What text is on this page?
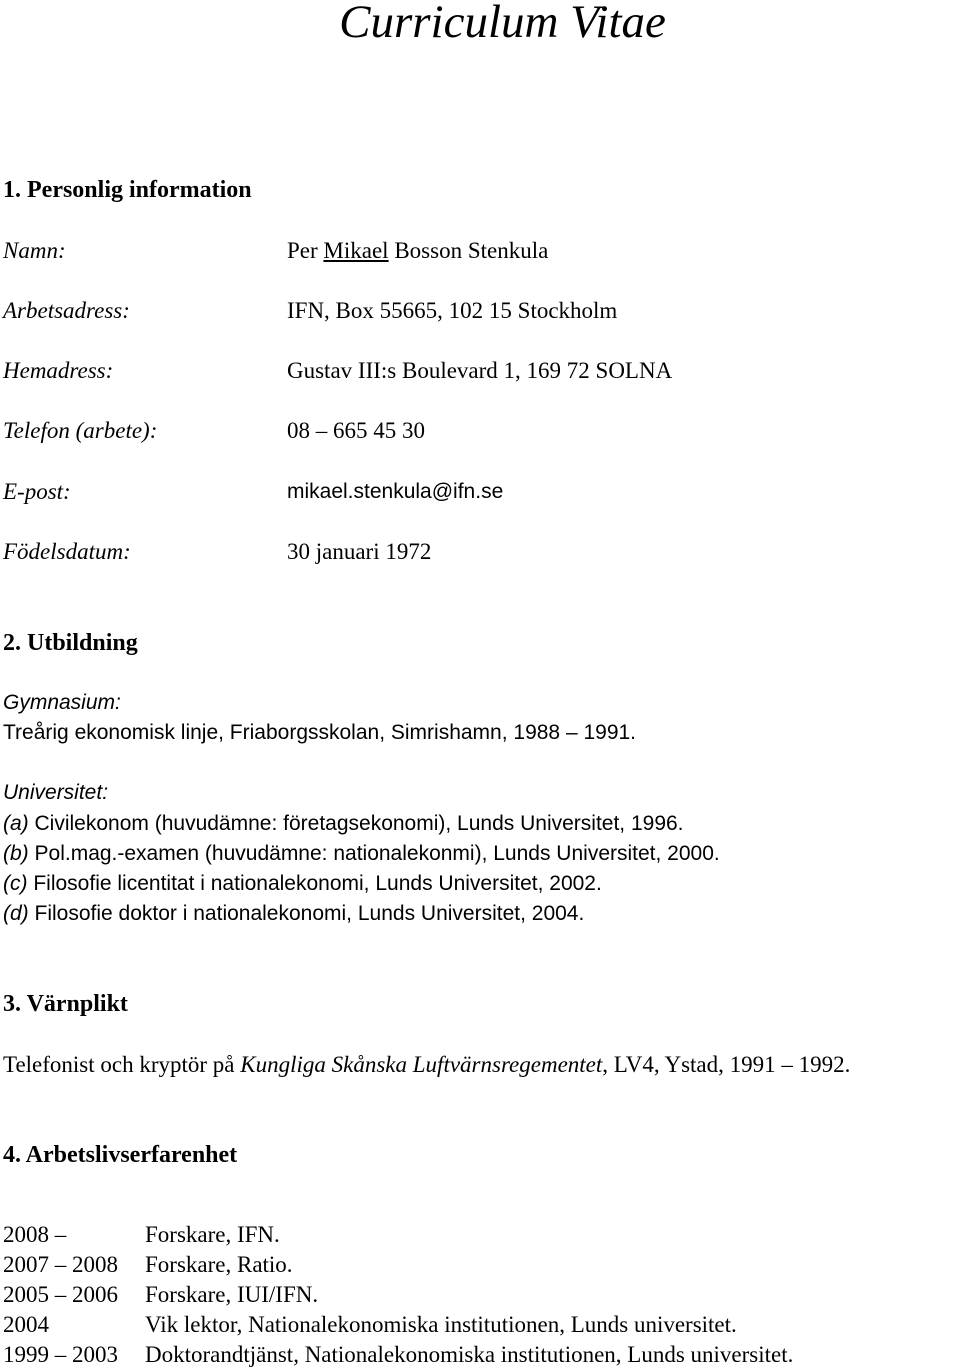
Curriculum Vitae
1. Personlig information
Namn:	Per Mikael Bosson Stenkula
Arbetsadress:	IFN, Box 55665, 102 15 Stockholm
Hemadress:	Gustav III:s Boulevard 1, 169 72 SOLNA
Telefon (arbete):	08 – 665 45 30
E-post:	mikael.stenkula@ifn.se
Födelsdatum:	30 januari 1972
2. Utbildning
Gymnasium:
Treårig ekonomisk linje, Friaborgsskolan, Simrishamn, 1988 – 1991.
Universitet:
(a) Civilekonom (huvudämne: företagsekonomi), Lunds Universitet, 1996.
(b) Pol.mag.-examen (huvudämne: nationalekonmi), Lunds Universitet, 2000.
(c) Filosofie licentitat i nationalekonomi, Lunds Universitet, 2002.
(d) Filosofie doktor i nationalekonomi, Lunds Universitet, 2004.
3. Värnplikt
Telefonist och kryptör på Kungliga Skånska Luftvärnsregementet, LV4, Ystad, 1991 – 1992.
4. Arbetslivserfarenhet
2008 –	Forskare, IFN.
2007 – 2008 Forskare, Ratio.
2005 – 2006 Forskare, IUI/IFN.
2004	Vik lektor, Nationalekonomiska institutionen, Lunds universitet.
1999 – 2003 Doktorandtjänst, Nationalekonomiska institutionen, Lunds universitet.
